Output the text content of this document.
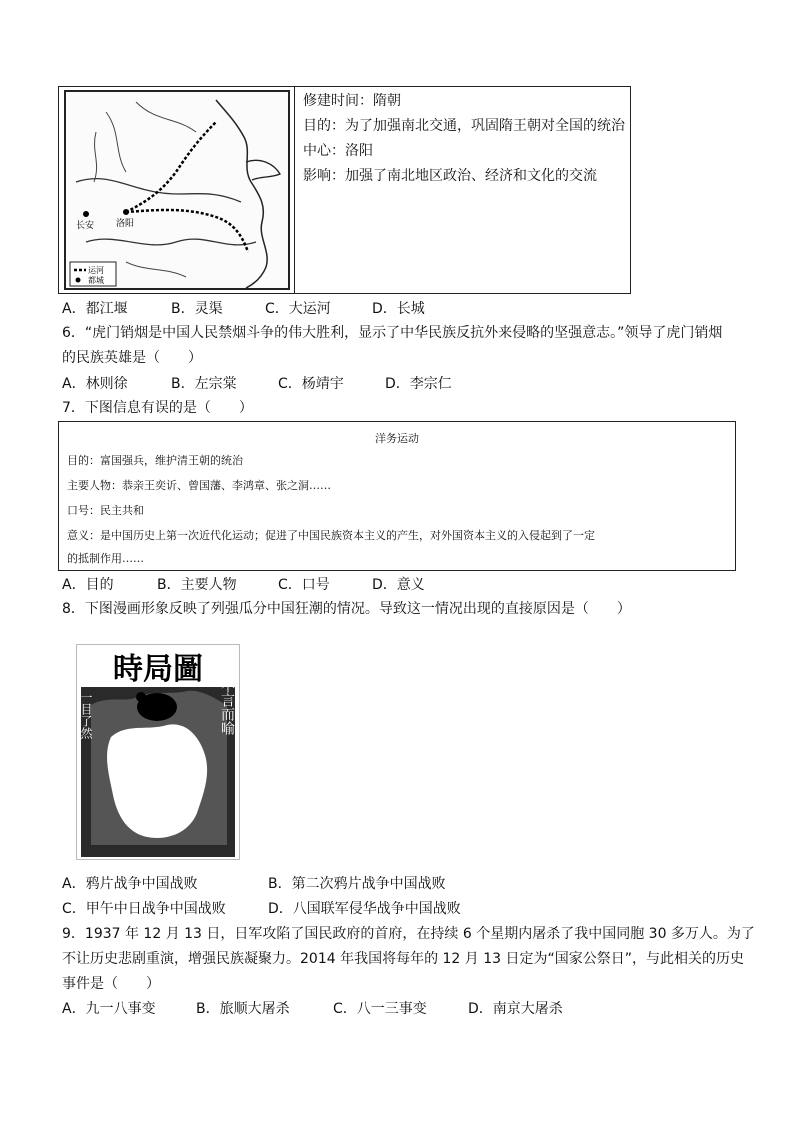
长安 洛阳
运河
都城
修建时间：隋朝
目的：为了加强南北交通，巩固隋王朝对全国的统治
中心：洛阳
影响：加强了南北地区政治、经济和文化的交流
A．都江堰	B．灵渠	C．大运河	D．长城
6．“虎门销烟是中国人民禁烟斗争的伟大胜利，显示了中华民族反抗外来侵略的坚强意志。”领导了虎门销烟
的民族英雄是（　　）
A．林则徐	B．左宗棠	C．杨靖宇	D．李宗仁
7．下图信息有误的是（　　）
洋务运动
目的：富国强兵，维护清王朝的统治
主要人物：恭亲王奕䜣、曾国藩、李鸿章、张之洞……
口号：民主共和
意义：是中国历史上第一次近代化运动；促进了中国民族资本主义的产生，对外国资本主义的入侵起到了一定
的抵制作用……
A．目的	B．主要人物	C．口号	D．意义
8．下图漫画形象反映了列强瓜分中国狂潮的情况。导致这一情况出现的直接原因是（　　）
時局圖
不言而喻
一目了然
A．鸦片战争中国战败	B．第二次鸦片战争中国战败
C．甲午中日战争中国战败	D．八国联军侵华战争中国战败
9．1937 年 12 月 13 日，日军攻陷了国民政府的首府，在持续 6 个星期内屠杀了我中国同胞 30 多万人。为了
不让历史悲剧重演，增强民族凝聚力。2014 年我国将每年的 12 月 13 日定为“国家公祭日”，与此相关的历史
事件是（　　）
A．九一八事变	B．旅顺大屠杀	C．八一三事变	D．南京大屠杀
